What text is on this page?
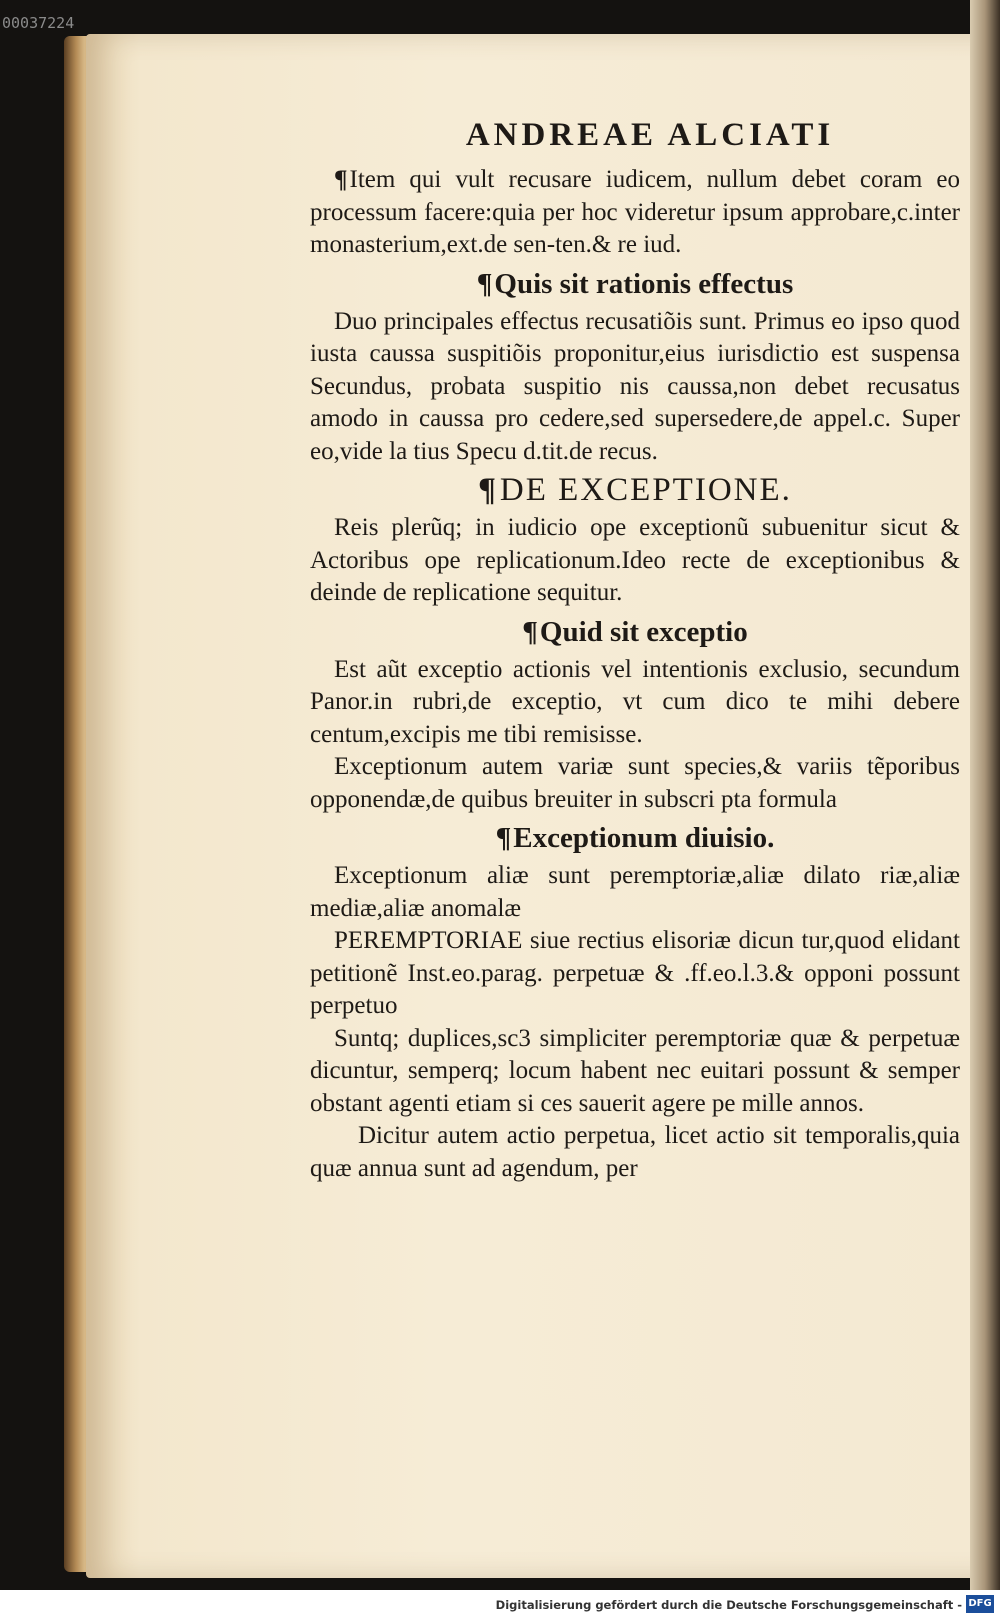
00037224
ANDREAE ALCIATI

¶Item qui vult recusare iudicem, nullum debet coram eo processum facere:quia per hoc videretur ipsum approbare,c.inter monasterium,ext.de sen-ten.& re iud.

¶Quis sit rationis effectus

Duo principales effectus recusatiõis sunt. Primus eo ipso quod iusta caussa suspitiõis proponitur,eius iurisdictio est suspensa Secundus, probata suspitio nis caussa,non debet recusatus amodo in caussa pro cedere,sed supersedere,de appel.c. Super eo,vide la tius Specu d.tit.de recus.

¶DE EXCEPTIONE.

Reis plerũq; in iudicio ope exceptionũ subuenitur sicut & Actoribus ope replicationum.Ideo recte de exceptionibus & deinde de replicatione sequitur.

¶Quid sit exceptio

Est aũt exceptio actionis vel intentionis exclusio, secundum Panor.in rubri,de exceptio, vt cum dico te mihi debere centum,excipis me tibi remisisse.

Exceptionum autem variæ sunt species,& variis tẽporibus opponendæ,de quibus breuiter in subscri pta formula

¶Exceptionum diuisio.

Exceptionum aliæ sunt peremptoriæ,aliæ dilato riæ,aliæ mediæ,aliæ anomalæ

PEREMPTORIAE siue rectius elisoriæ dicun tur,quod elidant petitionẽ Inst.eo.parag. perpetuæ & .ff.eo.l.3.& opponi possunt perpetuo

Suntq; duplices,sc3 simpliciter peremptoriæ quæ & perpetuæ dicuntur, semperq; locum habent nec euitari possunt & semper obstant agenti etiam si ces sauerit agere pe mille annos.

Dicitur autem actio perpetua, licet actio sit temporalis,quia quæ annua sunt ad agendum, per

Digitalisierung gefördert durch die Deutsche Forschungsgemeinschaft - DFG
